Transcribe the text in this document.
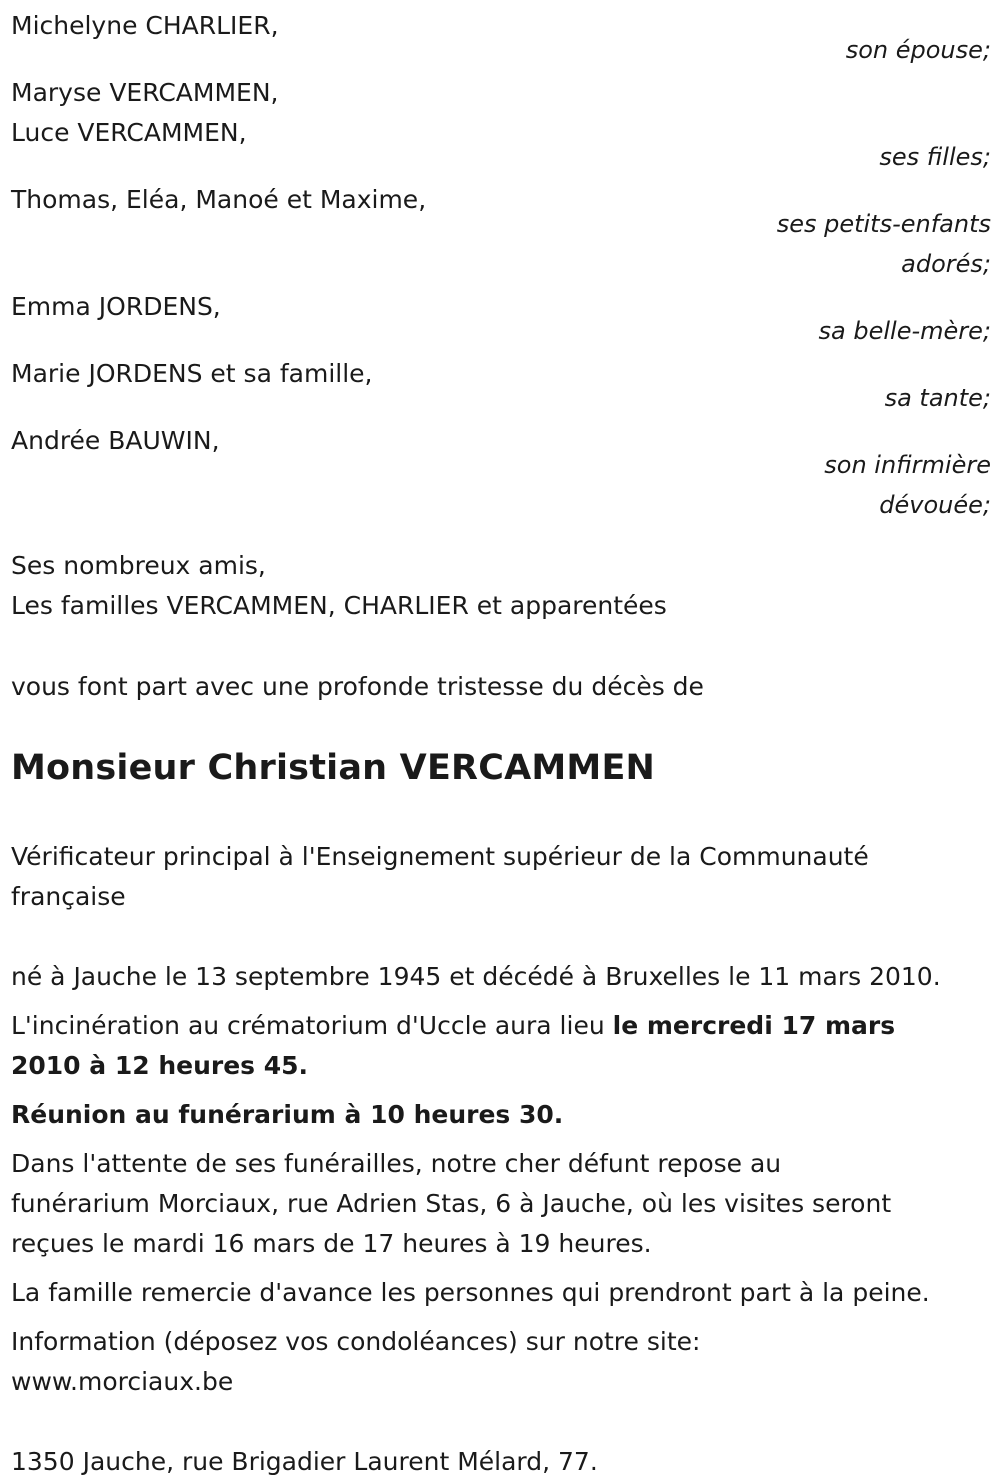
Michelyne CHARLIER,
son épouse;
Maryse VERCAMMEN,
Luce VERCAMMEN,
ses filles;
Thomas, Eléa, Manoé et Maxime,
ses petits-enfants
adorés;
Emma JORDENS,
sa belle-mère;
Marie JORDENS et sa famille,
sa tante;
Andrée BAUWIN,
son infirmière
dévouée;
Ses nombreux amis,
Les familles VERCAMMEN, CHARLIER et apparentées
vous font part avec une profonde tristesse du décès de
Monsieur Christian VERCAMMEN
Vérificateur principal à l'Enseignement supérieur de la Communauté
française
né à Jauche le 13 septembre 1945 et décédé à Bruxelles le 11 mars 2010.
L'incinération au crématorium d'Uccle aura lieu le mercredi 17 mars
2010 à 12 heures 45.
Réunion au funérarium à 10 heures 30.
Dans l'attente de ses funérailles, notre cher défunt repose au
funérarium Morciaux, rue Adrien Stas, 6 à Jauche, où les visites seront
reçues le mardi 16 mars de 17 heures à 19 heures.
La famille remercie d'avance les personnes qui prendront part à la peine.
Information (déposez vos condoléances) sur notre site:
www.morciaux.be
1350 Jauche, rue Brigadier Laurent Mélard, 77.
